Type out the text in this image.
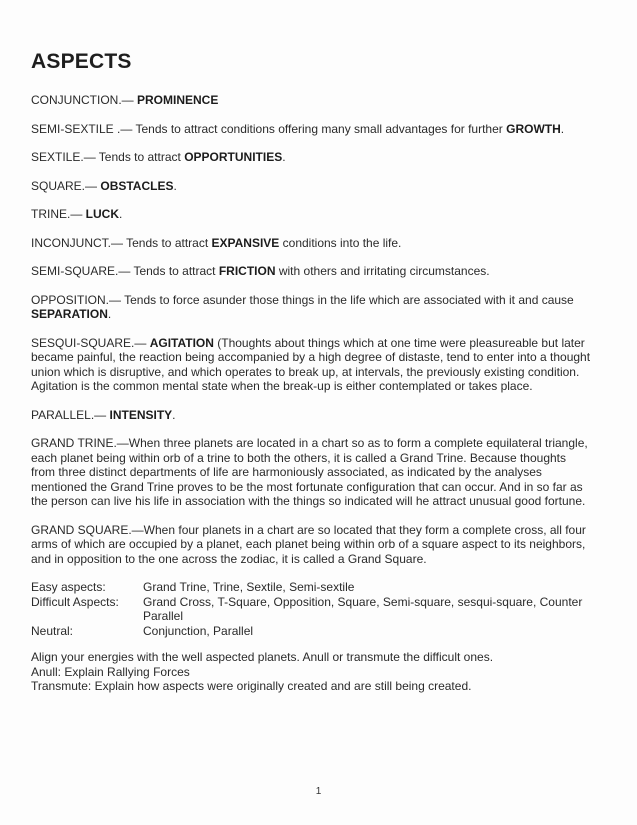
ASPECTS
CONJUNCTION.— PROMINENCE
SEMI-SEXTILE .— Tends to attract conditions offering many small advantages for further GROWTH.
SEXTILE.— Tends to attract OPPORTUNITIES.
SQUARE.— OBSTACLES.
TRINE.— LUCK.
INCONJUNCT.— Tends to attract EXPANSIVE conditions into the life.
SEMI-SQUARE.— Tends to attract FRICTION with others and irritating circumstances.
OPPOSITION.— Tends to force asunder those things in the life which are associated with it and cause SEPARATION.
SESQUI-SQUARE.— AGITATION (Thoughts about things which at one time were pleasureable but later became painful, the reaction being accompanied by a high degree of distaste, tend to enter into a thought union which is disruptive, and which operates to break up, at intervals, the previously existing condition. Agitation is the common mental state when the break-up is either contemplated or takes place.
PARALLEL.— INTENSITY.
GRAND TRINE.—When three planets are located in a chart so as to form a complete equilateral triangle, each planet being within orb of a trine to both the others, it is called a Grand Trine. Because thoughts from three distinct departments of life are harmoniously associated, as indicated by the analyses mentioned the Grand Trine proves to be the most fortunate configuration that can occur. And in so far as the person can live his life in association with the things so indicated will he attract unusual good fortune.
GRAND SQUARE.—When four planets in a chart are so located that they form a complete cross, all four arms of which are occupied by a planet, each planet being within orb of a square aspect to its neighbors, and in opposition to the one across the zodiac, it is called a Grand Square.
Easy aspects:	Grand Trine, Trine, Sextile, Semi-sextile
Difficult Aspects:	Grand Cross, T-Square, Opposition, Square, Semi-square, sesqui-square, Counter Parallel
Neutral:	Conjunction, Parallel
Align your energies with the well aspected planets. Anull or transmute the difficult ones.
Anull: Explain Rallying Forces
Transmute: Explain how aspects were originally created and are still being created.
1
